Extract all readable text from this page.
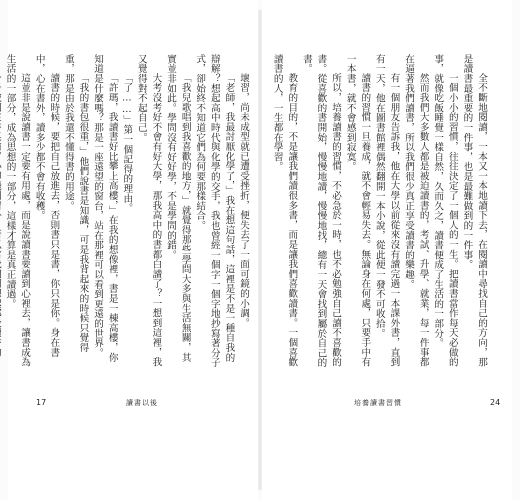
壞習，尚未成型就已遭受挫折，便失去了一面可鏡的小調。

「老師，我最討厭化學了，」我在想這句話，這裡是不是一種自我的辯解？想起高中時代與化學的交手，我也曾經一個字一個字地抄寫著分子式，卻始終不知道它們為何要那樣結合。

「我兒歌唱到我喜歡的地方，」就覺得那些學問大多與生活無關，其實並非如此。學問沒有好好學，不是學問的錯。

大考沒考好不會有好大學，那我高中的書都白讀了？一想到這裡，我又覺得對不起自己。

「了……」第一個記得的理由。

「許瑪，我讀書好比攀上高樓，」在我的想像裡，書是一棟高樓，你知道是什麼嗎？那是一座遠望的窗台，站在那裡可以看到更遠的世界。

「我的書包很重，」他們說書是知識，可是我背起來的時候只覺得重，那是由於我還不懂得書的用途。

讀書的時候，要把自己放進去，否則書只是書，你只是你。身在書中，心在書外，讀多少都不會有收穫。

這並非是說讀書一定要有用處，而是說讀書要讀到心裡去，讓書成為生活的一部分，成為思想的一部分，這樣才算是真正讀過。

17	讀書以後

全不斷地閱讀，一本又一本地讀下去，在閱讀中尋找自己的方向，那是讀書最重要的一件事，也是最難做到的一件事。

一個小小的習慣，往往決定了一個人的一生。把讀書當作每天必做的事，就像吃飯睡覺一樣自然，久而久之，讀書便成了生活的一部分。

然而我們大多數人都是被迫讀書的，考試、升學、就業，每一件事都在逼著我們讀書，所以我們很少真正享受讀書的樂趣。

有一個朋友告訴我，他在大學以前從來沒有讀完過一本課外書，直到有一天，他在圖書館裡偶然翻開一本小說，從此便一發不可收拾。

讀書的習慣一旦養成，就不會輕易失去。無論身在何處，只要手中有一本書，就不會感到寂寞。

所以，培養讀書的習慣，不必急於一時，也不必勉強自己讀不喜歡的書。從喜歡的書開始，慢慢地讀，慢慢地找，總有一天會找到屬於自己的書。

教育的目的，不是讓我們讀很多書，而是讓我們喜歡讀書。一個喜歡讀書的人，一生都在學習。

培養讀書習慣	24
